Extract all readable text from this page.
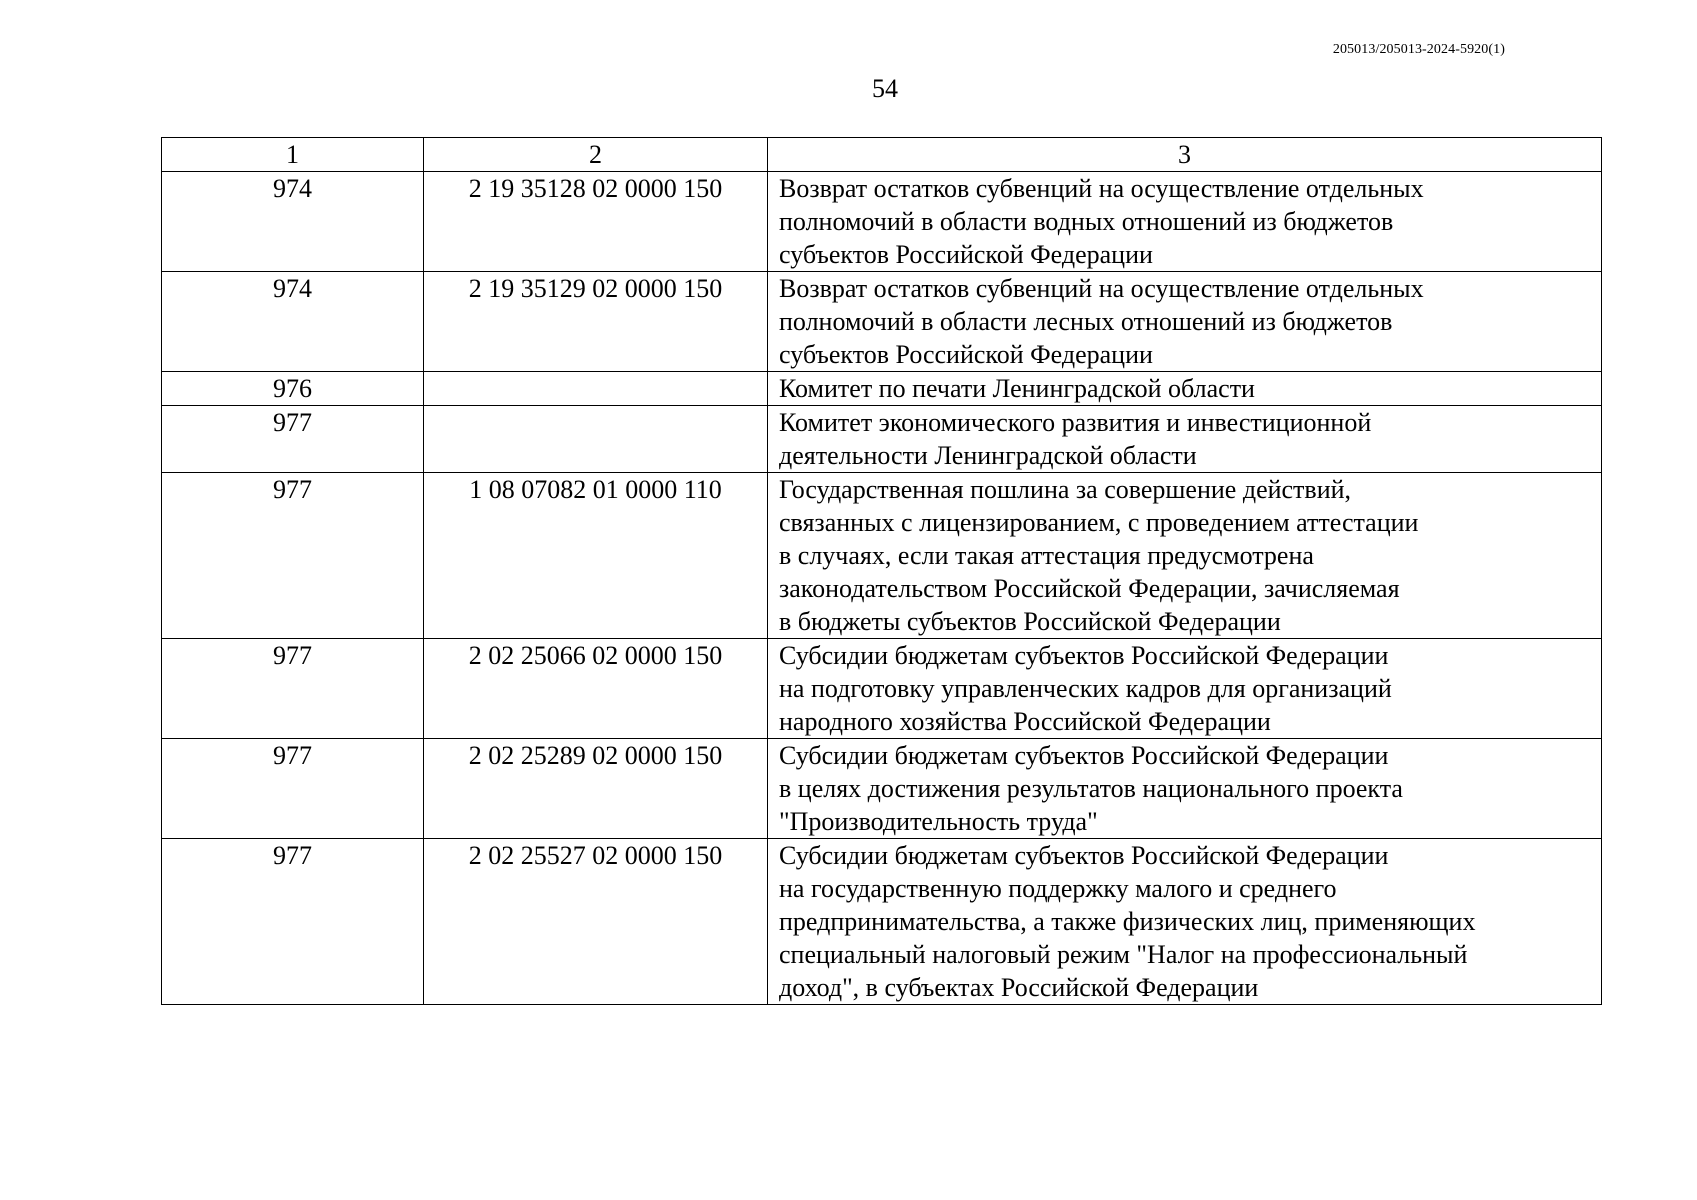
205013/205013-2024-5920(1)
54
1	2	3
974	2 19 35128 02 0000 150	Возврат остатков субвенций на осуществление отдельных
полномочий в области водных отношений из бюджетов
субъектов Российской Федерации
974	2 19 35129 02 0000 150	Возврат остатков субвенций на осуществление отдельных
полномочий в области лесных отношений из бюджетов
субъектов Российской Федерации
976		Комитет по печати Ленинградской области
977		Комитет экономического развития и инвестиционной
деятельности Ленинградской области
977	1 08 07082 01 0000 110	Государственная пошлина за совершение действий,
связанных с лицензированием, с проведением аттестации
в случаях, если такая аттестация предусмотрена
законодательством Российской Федерации, зачисляемая
в бюджеты субъектов Российской Федерации
977	2 02 25066 02 0000 150	Субсидии бюджетам субъектов Российской Федерации
на подготовку управленческих кадров для организаций
народного хозяйства Российской Федерации
977	2 02 25289 02 0000 150	Субсидии бюджетам субъектов Российской Федерации
в целях достижения результатов национального проекта
"Производительность труда"
977	2 02 25527 02 0000 150	Субсидии бюджетам субъектов Российской Федерации
на государственную поддержку малого и среднего
предпринимательства, а также физических лиц, применяющих
специальный налоговый режим "Налог на профессиональный
доход", в субъектах Российской Федерации
